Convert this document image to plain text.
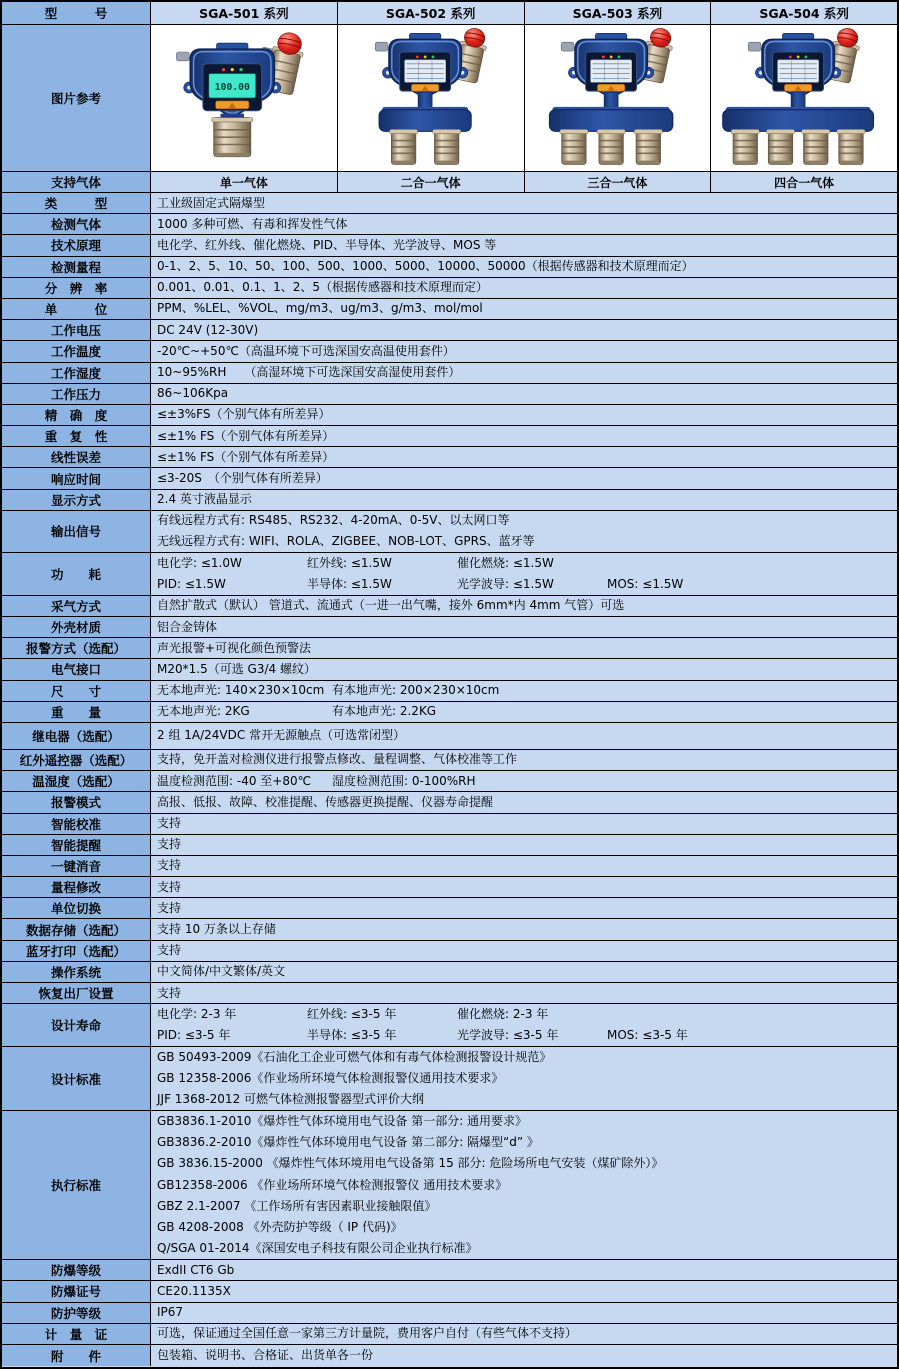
型　　　号	SGA-501 系列	SGA-502 系列	SGA-503 系列	SGA-504 系列
图片参考
100.00
支持气体	单一气体	二合一气体	三合一气体	四合一气体
类　　　型	工业级固定式隔爆型
检测气体	1000 多种可燃、有毒和挥发性气体
技术原理	电化学、红外线、催化燃烧、PID、半导体、光学波导、MOS 等
检测量程	0-1、2、5、10、50、100、500、1000、5000、10000、50000（根据传感器和技术原理而定）
分　辨　率	0.001、0.01、0.1、1、2、5（根据传感器和技术原理而定）
单　　　位	PPM、%LEL、%VOL、mg/m3、ug/m3、g/m3、mol/mol
工作电压	DC 24V (12-30V)
工作温度	-20℃~+50℃（高温环境下可选深国安高温使用套件）
工作湿度	10~95%RH　　（高湿环境下可选深国安高湿使用套件）
工作压力	86~106Kpa
精　确　度	≤±3%FS（个别气体有所差异）
重　复　性	≤±1% FS（个别气体有所差异）
线性误差	≤±1% FS（个别气体有所差异）
响应时间	≤3-20S　（个别气体有所差异）
显示方式	2.4 英寸液晶显示
输出信号
有线远程方式有: RS485、RS232、4-20mA、0-5V、以太网口等
无线远程方式有: WIFI、ROLA、ZIGBEE、NOB-LOT、GPRS、蓝牙等
功　　耗
电化学: ≤1.0W	红外线: ≤1.5W	催化燃烧: ≤1.5W
PID: ≤1.5W	半导体: ≤1.5W	光学波导: ≤1.5W	MOS: ≤1.5W
采气方式	自然扩散式（默认） 管道式、流通式（一进一出气嘴，接外 6mm*内 4mm 气管）可选
外壳材质	铝合金铸体
报警方式（选配）	声光报警+可视化颜色预警法
电气接口	M20*1.5（可选 G3/4 螺纹）
尺　　寸	无本地声光: 140×230×10cm 有本地声光: 200×230×10cm
重　　量	无本地声光: 2KG	有本地声光: 2.2KG
继电器（选配）	2 组 1A/24VDC 常开无源触点（可选常闭型）
红外遥控器（选配）	支持，免开盖对检测仪进行报警点修改、量程调整、气体校准等工作
温湿度（选配）	温度检测范围: -40 至+80℃ 湿度检测范围: 0-100%RH
报警模式	高报、低报、故障、校准提醒、传感器更换提醒、仪器寿命提醒
智能校准	支持
智能提醒	支持
一键消音	支持
量程修改	支持
单位切换	支持
数据存储（选配）	支持 10 万条以上存储
蓝牙打印（选配）	支持
操作系统	中文简体/中文繁体/英文
恢复出厂设置	支持
设计寿命
电化学: 2-3 年	红外线: ≤3-5 年	催化燃烧: 2-3 年
PID: ≤3-5 年	半导体: ≤3-5 年	光学波导: ≤3-5 年	MOS: ≤3-5 年
设计标准
GB 50493-2009《石油化工企业可燃气体和有毒气体检测报警设计规范》
GB 12358-2006《作业场所环境气体检测报警仪通用技术要求》
JJF 1368-2012 可燃气体检测报警器型式评价大纲
执行标准
GB3836.1-2010《爆炸性气体环境用电气设备 第一部分: 通用要求》
GB3836.2-2010《爆炸性气体环境用电气设备 第二部分: 隔爆型“d” 》
GB 3836.15-2000 《爆炸性气体环境用电气设备第 15 部分: 危险场所电气安装（煤矿除外）》
GB12358-2006 《作业场所环境气体检测报警仪 通用技术要求》
GBZ 2.1-2007 《工作场所有害因素职业接触限值》
GB 4208-2008 《外壳防护等级（ IP 代码)》
Q/SGA 01-2014《深国安电子科技有限公司企业执行标准》
防爆等级	ExdII CT6 Gb
防爆证号	CE20.1135X
防护等级	IP67
计　量　证	可选，保证通过全国任意一家第三方计量院，费用客户自付（有些气体不支持）
附　　件	包装箱、说明书、合格证、出货单各一份
